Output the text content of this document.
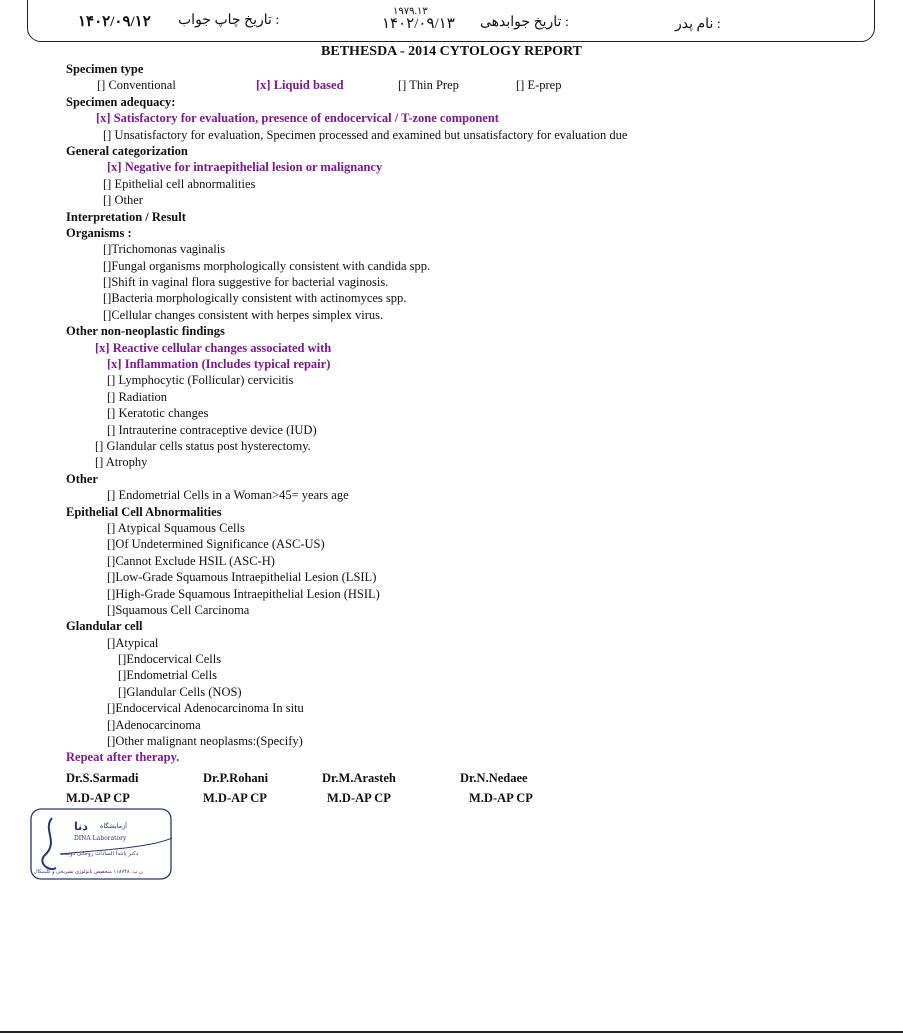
۱۴۰۲/۰۹/۱۲ تاریخ چاپ جواب :
۱۹۷۹.۱۳
۱۴۰۲/۰۹/۱۳ تاریخ جوابدهی :	نام پدر :
BETHESDA - 2014 CYTOLOGY REPORT
Specimen type
[] Conventional	[x] Liquid based	[] Thin Prep	[] E-prep
Specimen adequacy:
[x] Satisfactory for evaluation, presence of endocervical / T-zone component
[] Unsatisfactory for evaluation, Specimen processed and examined but unsatisfactory for evaluation due
General categorization
[x] Negative for intraepithelial lesion or malignancy
[] Epithelial cell abnormalities
[] Other
Interpretation / Result
Organisms :
[]Trichomonas vaginalis
[]Fungal organisms morphologically consistent with candida spp.
[]Shift in vaginal flora suggestive for bacterial vaginosis.
[]Bacteria morphologically consistent with actinomyces spp.
[]Cellular changes consistent with herpes simplex virus.
Other non-neoplastic findings
[x] Reactive cellular changes associated with
[x] Inflammation (Includes typical repair)
[] Lymphocytic (Follicular) cervicitis
[] Radiation
[] Keratotic changes
[] Intrauterine contraceptive device (IUD)
[] Glandular cells status post hysterectomy.
[] Atrophy
Other
[] Endometrial Cells in a Woman>45= years age
Epithelial Cell Abnormalities
[] Atypical Squamous Cells
[]Of Undetermined Significance (ASC-US)
[]Cannot Exclude HSIL (ASC-H)
[]Low-Grade Squamous Intraepithelial Lesion (LSIL)
[]High-Grade Squamous Intraepithelial Lesion (HSIL)
[]Squamous Cell Carcinoma
Glandular cell
[]Atypical
[]Endocervical Cells
[]Endometrial Cells
[]Glandular Cells (NOS)
[]Endocervical Adenocarcinoma In situ
[]Adenocarcinoma
[]Other malignant neoplasms:(Specify)
Repeat after therapy.
Dr.S.Sarmadi	Dr.P.Rohani	Dr.M.Arasteh	Dr.N.Nedaee
M.D-AP CP	M.D-AP CP	M.D-AP CP	M.D-AP CP
دنا آزمایشگاه
DINA Laboratory
دکتر پانته‌آ السادات روحانی دوست
ن پ: ۱۱۸۷۴۸ متخصص پاتولوژی تشریحی و کلینیکال
